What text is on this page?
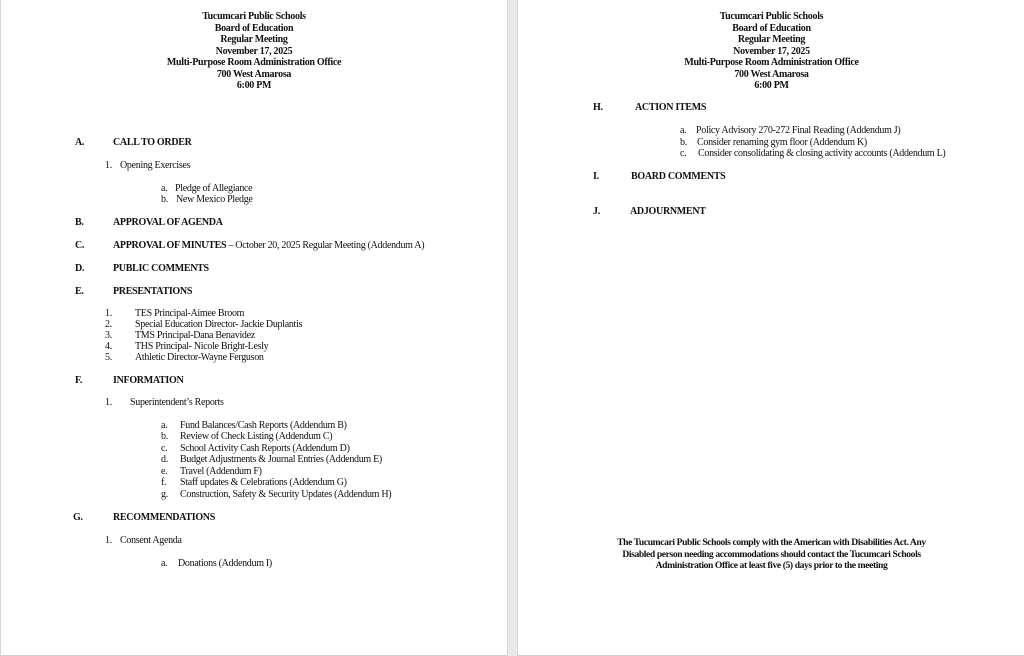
Tucumcari Public Schools
Board of Education
Regular Meeting
November 17, 2025
Multi-Purpose Room Administration Office
700 West Amarosa
6:00 PM
A.	CALL TO ORDER
1. Opening Exercises
a. Pledge of Allegiance
b. New Mexico Pledge
B.	APPROVAL OF AGENDA
C.	APPROVAL OF MINUTES – October 20, 2025 Regular Meeting (Addendum A)
D.	PUBLIC COMMENTS
E.	PRESENTATIONS
1. TES Principal-Aimee Broom
2. Special Education Director- Jackie Duplantis
3. TMS Principal-Dana Benavidez
4. THS Principal- Nicole Bright-Lesly
5. Athletic Director-Wayne Ferguson
F.	INFORMATION
1. Superintendent’s Reports
a. Fund Balances/Cash Reports (Addendum B)
b. Review of Check Listing (Addendum C)
c. School Activity Cash Reports (Addendum D)
d. Budget Adjustments & Journal Entries (Addendum E)
e. Travel (Addendum F)
f. Staff updates & Celebrations (Addendum G)
g. Construction, Safety & Security Updates (Addendum H)
G.	RECOMMENDATIONS
1. Consent Agenda
a. Donations (Addendum I)
Tucumcari Public Schools
Board of Education
Regular Meeting
November 17, 2025
Multi-Purpose Room Administration Office
700 West Amarosa
6:00 PM
H.	ACTION ITEMS
a. Policy Advisory 270-272 Final Reading (Addendum J)
b. Consider renaming gym floor (Addendum K)
c. Consider consolidating & closing activity accounts (Addendum L)
I.	BOARD COMMENTS
J.	ADJOURNMENT
The Tucumcari Public Schools comply with the American with Disabilities Act. Any
Disabled person needing accommodations should contact the Tucumcari Schools
Administration Office at least five (5) days prior to the meeting
